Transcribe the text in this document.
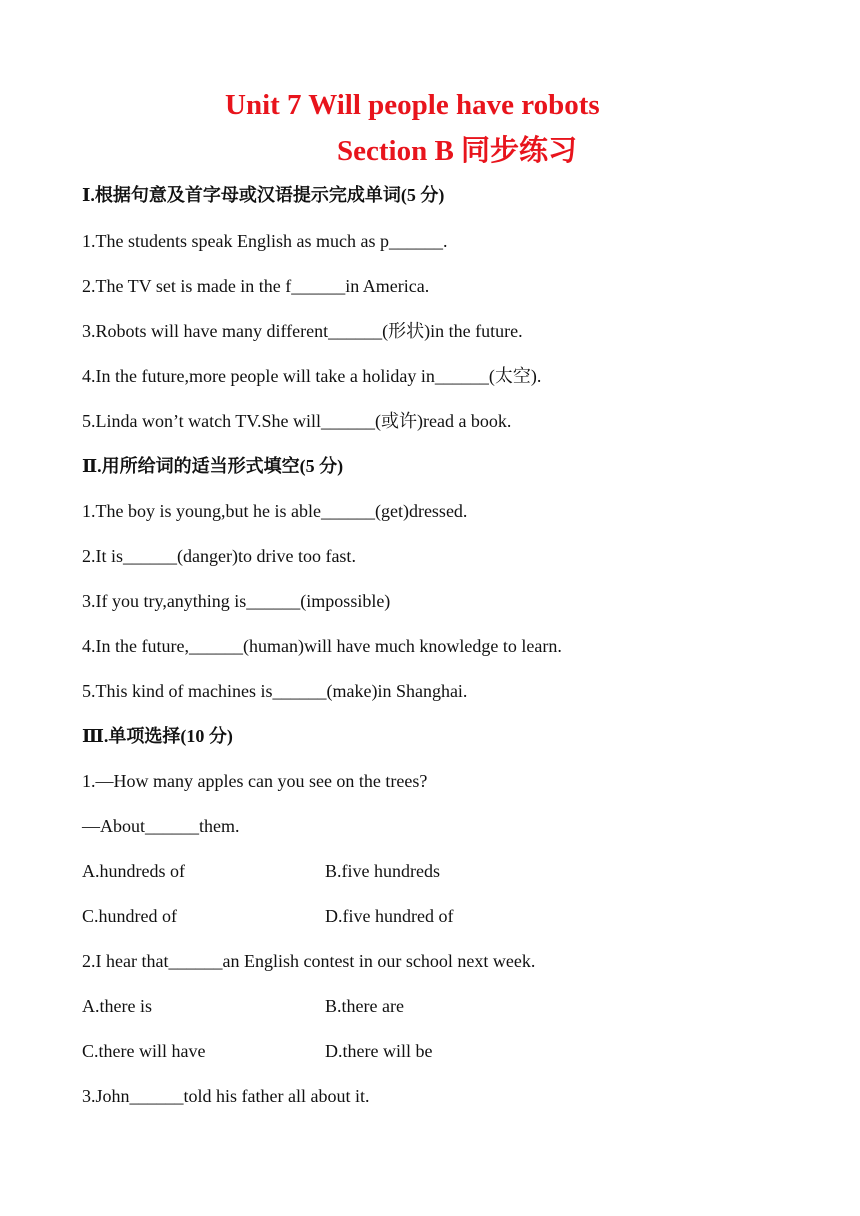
Unit 7 Will people have robots
Section B 同步练习
Ⅰ.根据句意及首字母或汉语提示完成单词(5 分)
1.The students speak English as much as p______.
2.The TV set is made in the f______in America.
3.Robots will have many different______(形状)in the future.
4.In the future,more people will take a holiday in______(太空).
5.Linda won’t watch TV.She will______(或许)read a book.
Ⅱ.用所给词的适当形式填空(5 分)
1.The boy is young,but he is able______(get)dressed.
2.It is______(danger)to drive too fast.
3.If you try,anything is______(impossible)
4.In the future,______(human)will have much knowledge to learn.
5.This kind of machines is______(make)in Shanghai.
Ⅲ.单项选择(10 分)
1.—How many apples can you see on the trees?
—About______them.
A.hundreds of	B.five hundreds
C.hundred of	D.five hundred of
2.I hear that______an English contest in our school next week.
A.there is	B.there are
C.there will have	D.there will be
3.John______told his father all about it.
